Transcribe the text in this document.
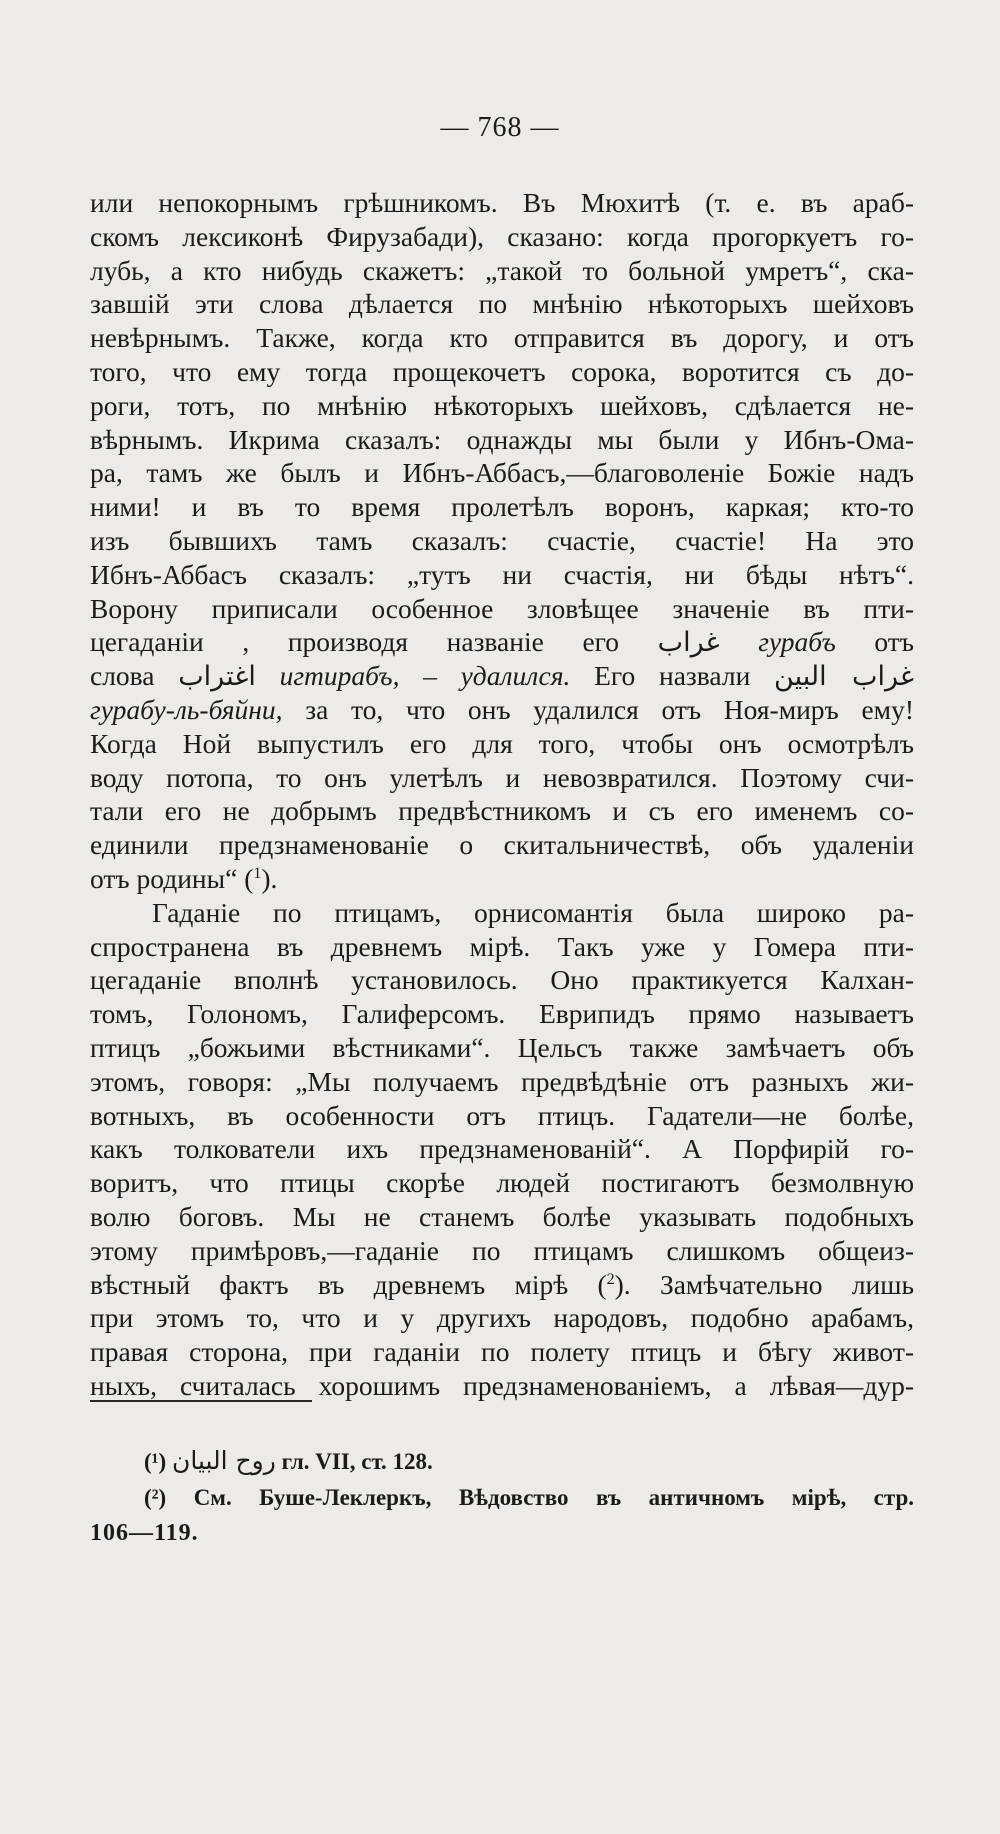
— 768 —
или непокорнымъ грѣшникомъ. Въ Мюхитѣ (т. е. въ араб-
скомъ лексиконѣ Фирузабади), сказано: когда прогоркуетъ го-
лубь, а кто нибудь скажетъ: „такой то больной умретъ“, ска-
завшій эти слова дѣлается по мнѣнію нѣкоторыхъ шейховъ
невѣрнымъ. Также, когда кто отправится въ дорогу, и отъ
того, что ему тогда прощекочетъ сорока, воротится съ до-
роги, тотъ, по мнѣнію нѣкоторыхъ шейховъ, сдѣлается не-
вѣрнымъ. Икрима сказалъ: однажды мы были у Ибнъ-Ома-
ра, тамъ же былъ и Ибнъ-Аббасъ,—благоволеніе Божіе надъ
ними! и въ то время пролетѣлъ воронъ, каркая; кто-то
изъ бывшихъ тамъ сказалъ: счастіе, счастіе! На это
Ибнъ-Аббасъ сказалъ: „тутъ ни счастія, ни бѣды нѣтъ“.
Ворону приписали особенное зловѣщее значеніе въ пти-
цегаданіи , производя названіе его غراب гурабъ отъ
слова اغتراب игтирабъ, – удалился. Его назвали غراب البين
гурабу-ль-бяйни, за то, что онъ удалился отъ Ноя-миръ ему!
Когда Ной выпустилъ его для того, чтобы онъ осмотрѣлъ
воду потопа, то онъ улетѣлъ и невозвратился. Поэтому счи-
тали его не добрымъ предвѣстникомъ и съ его именемъ со-
единили предзнаменованіе о скитальничествѣ, объ удаленіи
отъ родины“ ($^1$).
Гаданіе по птицамъ, орнисомантія была широко ра-
спространена въ древнемъ мірѣ. Такъ уже у Гомера пти-
цегаданіе вполнѣ установилось. Оно практикуется Калхан-
томъ, Голономъ, Галиферсомъ. Еврипидъ прямо называетъ
птицъ „божьими вѣстниками“. Цельсъ также замѣчаетъ объ
этомъ, говоря: „Мы получаемъ предвѣдѣніе отъ разныхъ жи-
вотныхъ, въ особенности отъ птицъ. Гадатели—не болѣе,
какъ толкователи ихъ предзнаменованій“. А Порфирій го-
воритъ, что птицы скорѣе людей постигаютъ безмолвную
волю боговъ. Мы не станемъ болѣе указывать подобныхъ
этому примѣровъ,—гаданіе по птицамъ слишкомъ общеиз-
вѣстный фактъ въ древнемъ мірѣ ($^2$). Замѣчательно лишь
при этомъ то, что и у другихъ народовъ, подобно арабамъ,
правая сторона, при гаданіи по полету птицъ и бѣгу живот-
ныхъ, считалась хорошимъ предзнаменованіемъ, а лѣвая—дур-
(¹) روح البيان гл. VII, ст. 128.
(²) См. Буше-Леклеркъ, Вѣдовство въ античномъ мірѣ, стр.
106—119.
